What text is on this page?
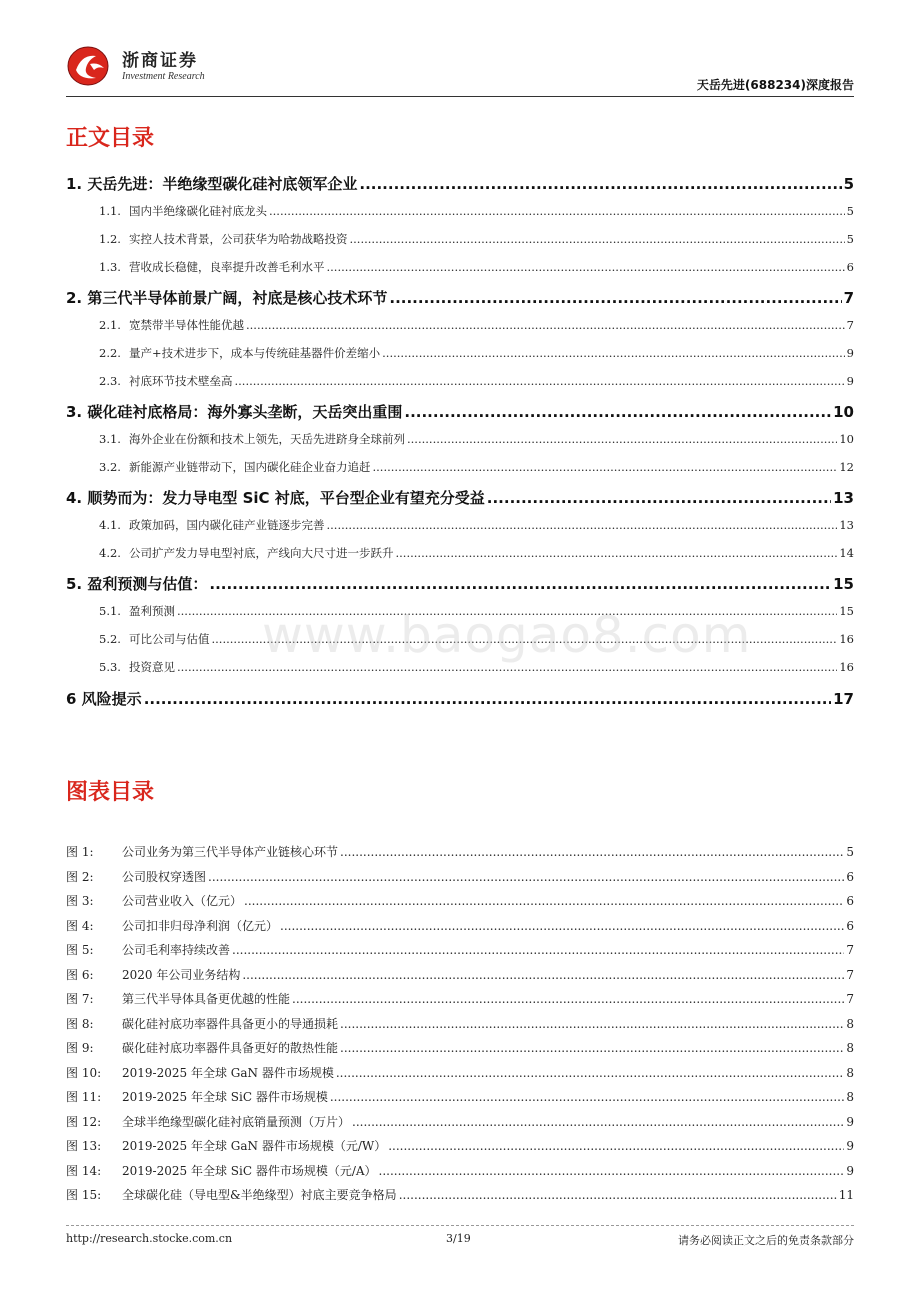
浙商证券
Investment Research
天岳先进(688234)深度报告
正文目录
1. 天岳先进：半绝缘型碳化硅衬底领军企业 .....	5
1.1. 国内半绝缘碳化硅衬底龙头 .....	5
1.2. 实控人技术背景，公司获华为哈勃战略投资 .....	5
1.3. 营收成长稳健，良率提升改善毛利水平 .....	6
2. 第三代半导体前景广阔，衬底是核心技术环节 .....	7
2.1. 宽禁带半导体性能优越 .....	7
2.2. 量产+技术进步下，成本与传统硅基器件价差缩小 .....	9
2.3. 衬底环节技术壁垒高 .....	9
3. 碳化硅衬底格局：海外寡头垄断，天岳突出重围 .....	10
3.1. 海外企业在份额和技术上领先，天岳先进跻身全球前列 .....	10
3.2. 新能源产业链带动下，国内碳化硅企业奋力追赶 .....	12
4. 顺势而为：发力导电型 SiC 衬底，平台型企业有望充分受益 .....	13
4.1. 政策加码，国内碳化硅产业链逐步完善 .....	13
4.2. 公司扩产发力导电型衬底，产线向大尺寸进一步跃升 .....	14
5. 盈利预测与估值： .....	15
5.1. 盈利预测 .....	15
5.2. 可比公司与估值 .....	16
5.3. 投资意见 .....	16
6 风险提示 .....	17
图表目录
图 1: 公司业务为第三代半导体产业链核心环节 .....	5
图 2: 公司股权穿透图 .....	6
图 3: 公司营业收入（亿元） .....	6
图 4: 公司扣非归母净利润（亿元） .....	6
图 5: 公司毛利率持续改善 .....	7
图 6: 2020 年公司业务结构 .....	7
图 7: 第三代半导体具备更优越的性能 .....	7
图 8: 碳化硅衬底功率器件具备更小的导通损耗 .....	8
图 9: 碳化硅衬底功率器件具备更好的散热性能 .....	8
图 10: 2019-2025 年全球 GaN 器件市场规模 .....	8
图 11: 2019-2025 年全球 SiC 器件市场规模 .....	8
图 12: 全球半绝缘型碳化硅衬底销量预测（万片） .....	9
图 13: 2019-2025 年全球 GaN 器件市场规模（元/W） .....	9
图 14: 2019-2025 年全球 SiC 器件市场规模（元/A） .....	9
图 15: 全球碳化硅（导电型&半绝缘型）衬底主要竞争格局 .....	11
www.baogao8.com
http://research.stocke.com.cn	3/19	请务必阅读正文之后的免责条款部分
